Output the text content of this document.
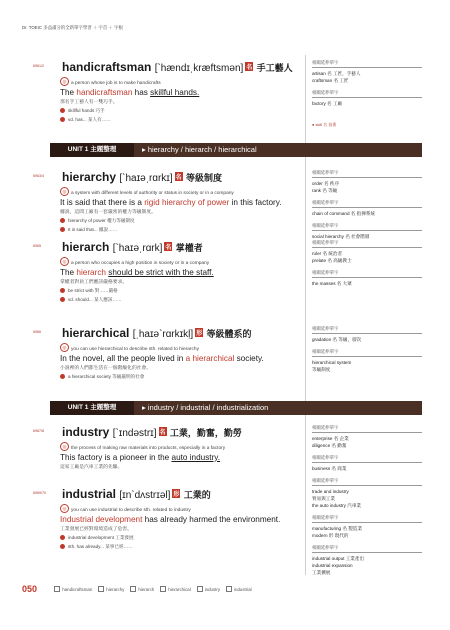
Dr. TOEIC 多益滿分的全新單字學習 ＋ 字首 ＋ 字根
6961/2 handicraftsman [ˋhændɪˌkræftsmən] 名 手工藝人
◎ a person whose job is to make handicrafts
The handicraftsman has skillful hands.
那名手工藝人有一雙巧手。
skillful hands 巧手
vd. has... 某人有……
6963/4 hierarchy [ˋhaɪəˌrɑrkɪ] 名 等級制度
◎ a system with different levels of authority or status in society or in a company
It is said that there is a rigid hierarchy of power in this factory.
據說，這間工廠有一套嚴密的權力等級制度。
hierarchy of power 權力等級制度
It is said that... 據說……
6965 hierarch [ˋhaɪəˌrɑrk] 名 掌權者
◎ a person who occupies a high position in society or in a company
The hierarch should be strict with the staff.
掌權者對員工們應該嚴格要求。
be strict with 對……嚴格
vd. should... 某人應該……
6966 hierarchical [ˌhaɪəˋrɑrkɪkḷ] 形 等級體系的
◎ you can use hierarchical to describe sth. related to hierarchy
In the novel, all the people lived in a hierarchical society.
小說裡的人們都生活在一個階級化的社會。
a hierarchical society 等級嚴明的社會
6967/8 industry [ˋɪndəstrɪ] 名 工業，勤奮，勤勞
◎ the process of making raw materials into products, especially in a factory
This factory is a pioneer in the auto industry.
這家工廠是汽車工業的先驅。
6969/70 industrial [ɪnˋdʌstrɪəl] 形 工業的
◎ you can use industrial to describe sth. related to industry
Industrial development has already harmed the environment.
工業發展已經對環境造成了危害。
industrial development 工業發展
sth. has already... 某事已經……
UNIT 1 主題整理	▸ hierarchy / hierarch / hierarchical
UNIT 1 主題整理	▸ industry / industrial / industrialization
相關延伸單字
artisan 名 工匠，手藝人
craftsman 名 工匠
相關延伸單字
factory 名 工廠
● skill 名 技術
相關延伸單字
order 名 秩序
rank 名 等級
相關延伸單字
chain of command 名 指揮系統
相關延伸單字
social hierarchy 名 社會階層
相關延伸單字
ruler 名 統治者
prelate 名 高級教士
相關延伸單字
the masses 名 大眾
相關延伸單字
gradation 名 等級，層次
相關延伸單字
hierarchical system
等級制度
相關延伸單字
enterprise 名 企業
diligence 名 勤奮
相關延伸單字
business 名 商業
相關延伸單字
trade and industry
貿易與工業
the auto industry 汽車業
相關延伸單字
manufacturing 名 製造業
modern 形 現代的
相關延伸單字
industrial output 工業產出
industrial expansion
工業擴展
050	handicraftsman	hierarchy	hierarch	hierarchical	industry	industrial
